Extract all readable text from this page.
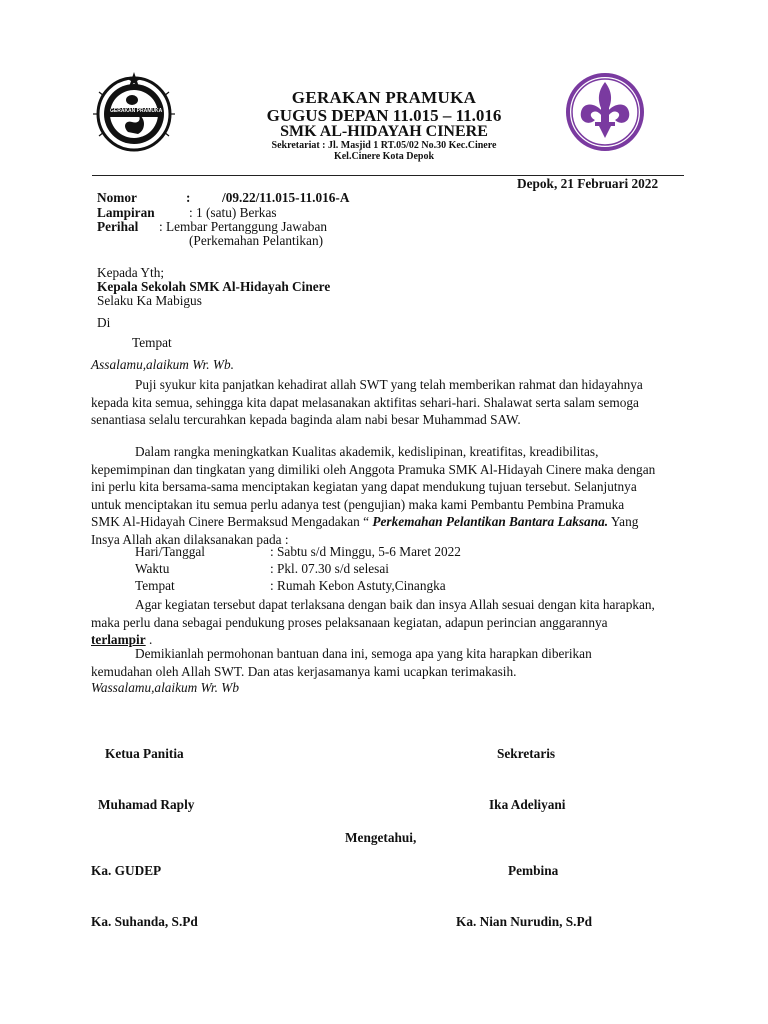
GERAKAN PRAMUKA
GERAKAN PRAMUKA
GUGUS DEPAN 11.015 – 11.016
SMK AL-HIDAYAH CINERE
Sekretariat : Jl. Masjid 1 RT.05/02 No.30 Kec.Cinere
Kel.Cinere Kota Depok
Depok, 21 Februari 2022
Nomor	: /09.22/11.015-11.016-A
Lampiran	: 1 (satu) Berkas
Perihal : Lembar Pertanggung Jawaban
(Perkemahan Pelantikan)
Kepada Yth;
Kepala Sekolah SMK Al-Hidayah Cinere
Selaku Ka Mabigus
Di
Tempat
Assalamu,alaikum Wr. Wb.
Puji syukur kita panjatkan kehadirat allah SWT yang telah memberikan rahmat dan hidayahnya kepada kita semua, sehingga kita dapat melasanakan aktifitas sehari-hari. Shalawat serta salam semoga senantiasa selalu tercurahkan kepada baginda alam nabi besar Muhammad SAW.
Dalam rangka meningkatkan Kualitas akademik, kedislipinan, kreatifitas, kreadibilitas, kepemimpinan dan tingkatan yang dimiliki oleh Anggota Pramuka SMK Al-Hidayah Cinere maka dengan ini perlu kita bersama-sama menciptakan kegiatan yang dapat mendukung tujuan tersebut. Selanjutnya untuk menciptakan itu semua perlu adanya test (pengujian) maka kami Pembantu Pembina Pramuka SMK Al-Hidayah Cinere Bermaksud Mengadakan “ Perkemahan Pelantikan Bantara Laksana. Yang Insya Allah akan dilaksanakan pada :
Hari/Tanggal	: Sabtu s/d Minggu, 5-6 Maret 2022
Waktu	: Pkl. 07.30 s/d selesai
Tempat	: Rumah Kebon Astuty,Cinangka
Agar kegiatan tersebut dapat terlaksana dengan baik dan insya Allah sesuai dengan kita harapkan, maka perlu dana sebagai pendukung proses pelaksanaan kegiatan, adapun perincian anggarannya terlampir .
Demikianlah permohonan bantuan dana ini, semoga apa yang kita harapkan diberikan kemudahan oleh Allah SWT. Dan atas kerjasamanya kami ucapkan terimakasih.
Wassalamu,alaikum Wr. Wb
Ketua Panitia	Sekretaris
Muhamad Raply	Ika Adeliyani
Mengetahui,
Ka. GUDEP	Pembina
Ka. Suhanda, S.Pd	Ka. Nian Nurudin, S.Pd
